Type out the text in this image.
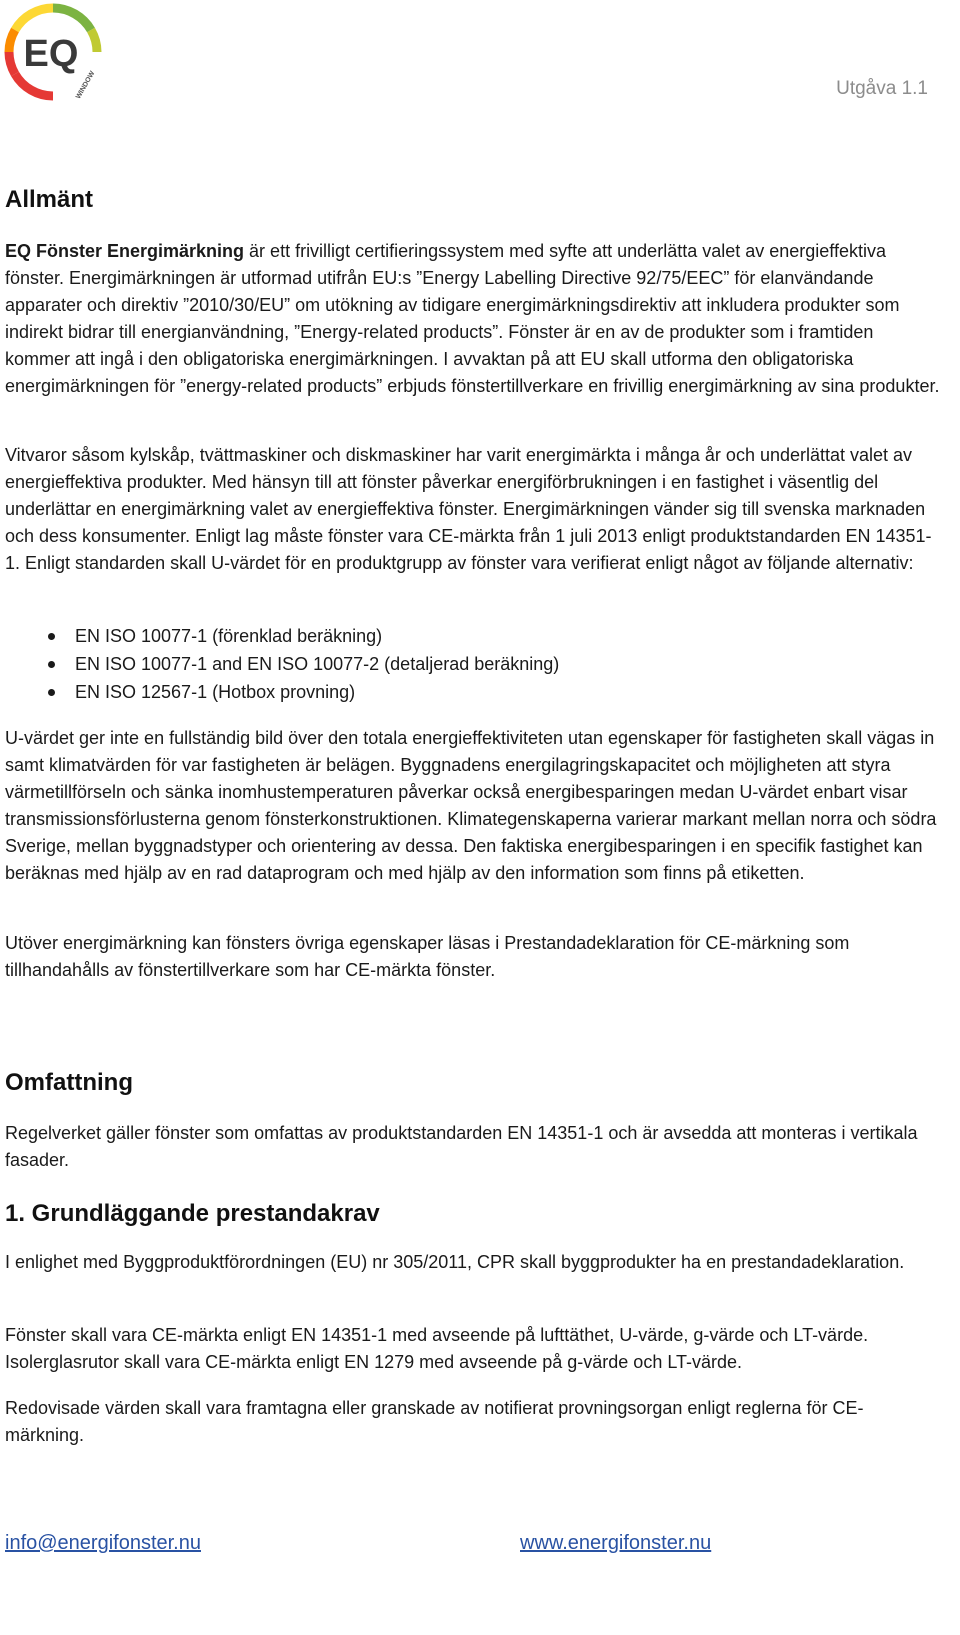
EQ
WINDOW	Utgåva 1.1
Allmänt

EQ Fönster Energimärkning är ett frivilligt certifieringssystem med syfte att underlätta valet av energieffektiva fönster. Energimärkningen är utformad utifrån EU:s ”Energy Labelling Directive 92/75/EEC” för elanvändande apparater och direktiv ”2010/30/EU” om utökning av tidigare energimärkningsdirektiv att inkludera produkter som indirekt bidrar till energianvändning, ”Energy-related products”. Fönster är en av de produkter som i framtiden kommer att ingå i den obligatoriska energimärkningen. I avvaktan på att EU skall utforma den obligatoriska energimärkningen för ”energy-related products” erbjuds fönstertillverkare en frivillig energimärkning av sina produkter.

Vitvaror såsom kylskåp, tvättmaskiner och diskmaskiner har varit energimärkta i många år och underlättat valet av energieffektiva produkter. Med hänsyn till att fönster påverkar energiförbrukningen i en fastighet i väsentlig del underlättar en energimärkning valet av energieffektiva fönster. Energimärkningen vänder sig till svenska marknaden och dess konsumenter. Enligt lag måste fönster vara CE-märkta från 1 juli 2013 enligt produktstandarden EN 14351-1. Enligt standarden skall U-värdet för en produktgrupp av fönster vara verifierat enligt något av följande alternativ:

EN ISO 10077-1 (förenklad beräkning)
EN ISO 10077-1 and EN ISO 10077-2 (detaljerad beräkning)
EN ISO 12567-1 (Hotbox provning)

U-värdet ger inte en fullständig bild över den totala energieffektiviteten utan egenskaper för fastigheten skall vägas in samt klimatvärden för var fastigheten är belägen. Byggnadens energilagringskapacitet och möjligheten att styra värmetillförseln och sänka inomhustemperaturen påverkar också energibesparingen medan U-värdet enbart visar transmissionsförlusterna genom fönsterkonstruktionen. Klimategenskaperna varierar markant mellan norra och södra Sverige, mellan byggnadstyper och orientering av dessa. Den faktiska energibesparingen i en specifik fastighet kan beräknas med hjälp av en rad dataprogram och med hjälp av den information som finns på etiketten.

Utöver energimärkning kan fönsters övriga egenskaper läsas i Prestandadeklaration för CE-märkning som tillhandahålls av fönstertillverkare som har CE-märkta fönster.

Omfattning

Regelverket gäller fönster som omfattas av produktstandarden EN 14351-1 och är avsedda att monteras i vertikala fasader.

1. Grundläggande prestandakrav

I enlighet med Byggproduktförordningen (EU) nr 305/2011, CPR skall byggprodukter ha en prestandadeklaration.

Fönster skall vara CE-märkta enligt EN 14351-1 med avseende på lufttäthet, U-värde, g-värde och LT-värde. Isolerglasrutor skall vara CE-märkta enligt EN 1279 med avseende på g-värde och LT-värde.

Redovisade värden skall vara framtagna eller granskade av notifierat provningsorgan enligt reglerna för CE-märkning.

info@energifonster.nu	www.energifonster.nu
